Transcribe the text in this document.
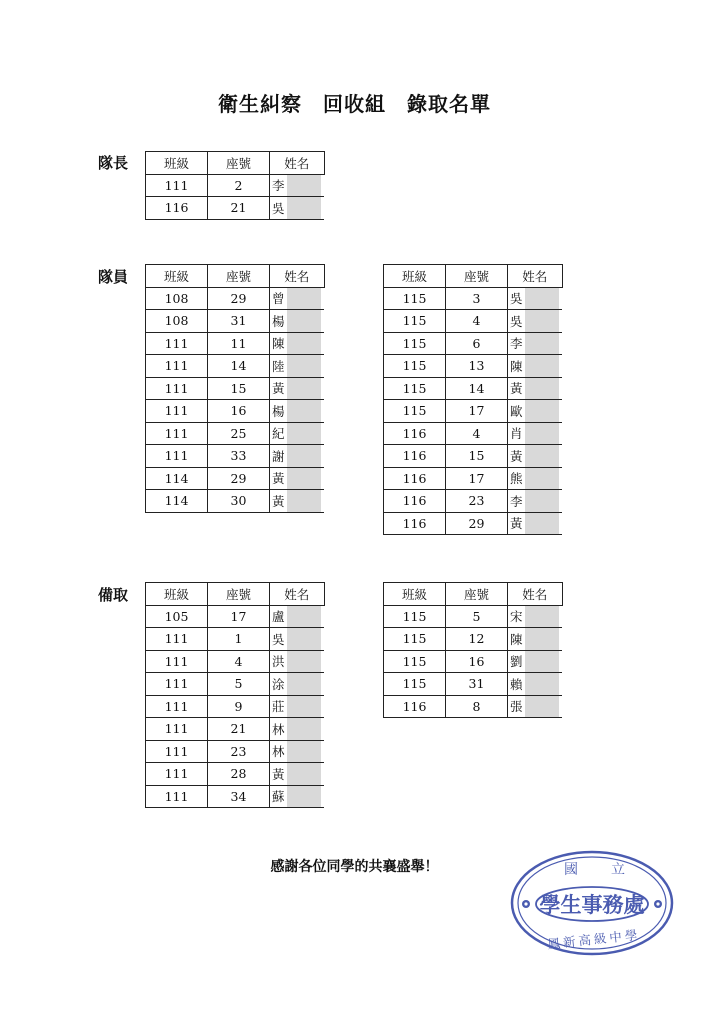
衛生糾察　回收組　錄取名單
隊長
隊員
備取
班級	座號	姓名
111	2	李

116	21	吳
班級	座號	姓名
108	29	曾

108	31	楊

111	11	陳

111	14	陸

111	15	黃

111	16	楊

111	25	紀

111	33	謝

114	29	黃

114	30	黃
班級	座號	姓名
115	3	吳

115	4	吳

115	6	李

115	13	陳

115	14	黃

115	17	歐

116	4	肖

116	15	黃

116	17	熊

116	23	李

116	29	黃
班級	座號	姓名
105	17	盧

111	1	吳

111	4	洪

111	5	涂

111	9	莊

111	21	林

111	23	林

111	28	黃

111	34	蘇
班級	座號	姓名
115	5	宋

115	12	陳

115	16	劉

115	31	賴

116	8	張
感謝各位同學的共襄盛舉！	國 立
學生事務處
鳳新高級中學
